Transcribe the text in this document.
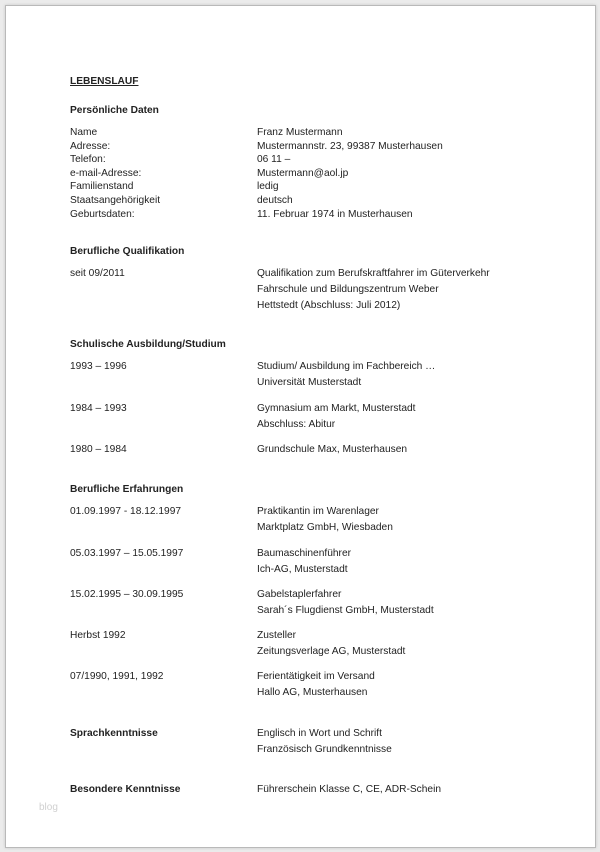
LEBENSLAUF
Persönliche Daten
Name	Franz Mustermann
Adresse:	Mustermannstr. 23, 99387 Musterhausen
Telefon:	06 11 –
e-mail-Adresse:	Mustermann@aol.jp
Familienstand	ledig
Staatsangehörigkeit	deutsch
Geburtsdaten:	11. Februar 1974 in Musterhausen
Berufliche Qualifikation
seit 09/2011	Qualifikation zum Berufskraftfahrer im Güterverkehr
Fahrschule und Bildungszentrum Weber
Hettstedt (Abschluss: Juli 2012)
Schulische Ausbildung/Studium
1993 – 1996	Studium/ Ausbildung im Fachbereich …
Universität Musterstadt
1984 – 1993	Gymnasium am Markt, Musterstadt
Abschluss: Abitur
1980 – 1984	Grundschule Max, Musterhausen
Berufliche Erfahrungen
01.09.1997 - 18.12.1997	Praktikantin im Warenlager
Marktplatz GmbH, Wiesbaden
05.03.1997 – 15.05.1997	Baumaschinenführer
Ich-AG, Musterstadt
15.02.1995 – 30.09.1995	Gabelstaplerfahrer
Sarah´s Flugdienst GmbH, Musterstadt
Herbst 1992	Zusteller
Zeitungsverlage AG, Musterstadt
07/1990, 1991, 1992	Ferientätigkeit im Versand
Hallo AG, Musterhausen
Sprachkenntnisse	Englisch in Wort und Schrift
Französisch Grundkenntnisse
Besondere Kenntnisse	Führerschein Klasse C, CE, ADR-Schein
blog
